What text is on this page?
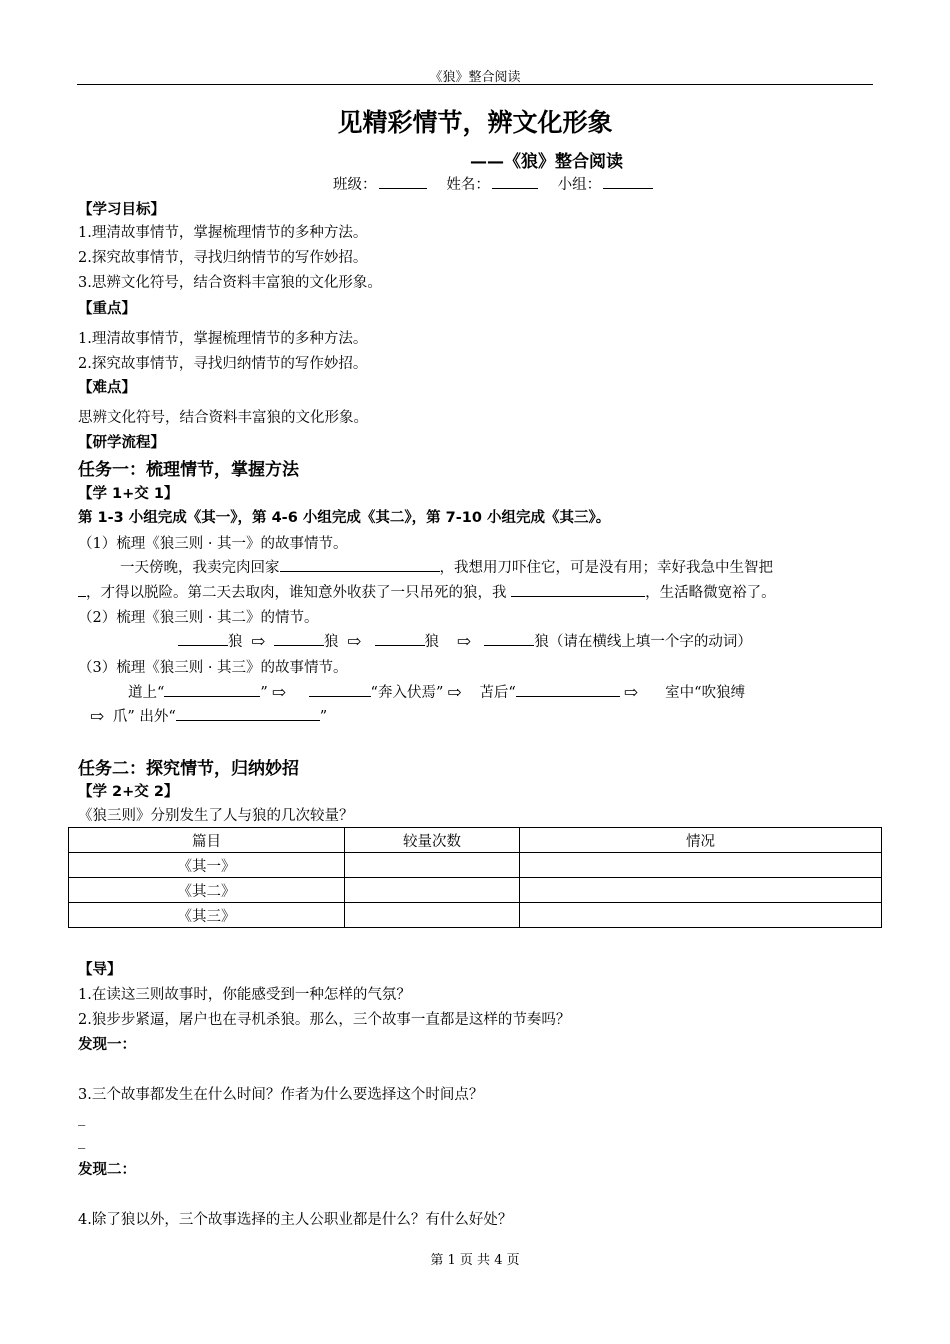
《狼》整合阅读
见精彩情节，辨文化形象
——《狼》整合阅读
班级：	姓名：	小组：
【学习目标】
1.理清故事情节，掌握梳理情节的多种方法。
2.探究故事情节，寻找归纳情节的写作妙招。
3.思辨文化符号，结合资料丰富狼的文化形象。
【重点】
1.理清故事情节，掌握梳理情节的多种方法。
2.探究故事情节，寻找归纳情节的写作妙招。
【难点】
思辨文化符号，结合资料丰富狼的文化形象。
【研学流程】
任务一：梳理情节，掌握方法
【学 1+交 1】
第 1-3 小组完成《其一》，第 4-6 小组完成《其二》，第 7-10 小组完成《其三》。
（1）梳理《狼三则 · 其一》的故事情节。
一天傍晚，我卖完肉回家	，我想用刀吓住它，可是没有用；幸好我急中生智把
，才得以脱险。第二天去取肉，谁知意外收获了一只吊死的狼，我	，生活略微宽裕了。
（2）梳理《狼三则 · 其二》的情节。
狼 ⇨	狼 ⇨	狼 ⇨	狼（请在横线上填一个字的动词）
（3）梳理《狼三则 · 其三》的故事情节。
道上“	” ⇨	“奔入伏焉” ⇨ 苫后“	⇨ 室中“吹狼缚
⇨ 爪” 出外“	”
任务二：探究情节，归纳妙招
【学 2+交 2】
《狼三则》分别发生了人与狼的几次较量？
篇目	较量次数	情况
《其一》		
《其二》		
《其三》		
【导】
1.在读这三则故事时，你能感受到一种怎样的气氛？
2.狼步步紧逼，屠户也在寻机杀狼。那么，三个故事一直都是这样的节奏吗？
发现一：
3.三个故事都发生在什么时间？作者为什么要选择这个时间点？
_
_
发现二：
4.除了狼以外，三个故事选择的主人公职业都是什么？有什么好处？
第 1 页 共 4 页
